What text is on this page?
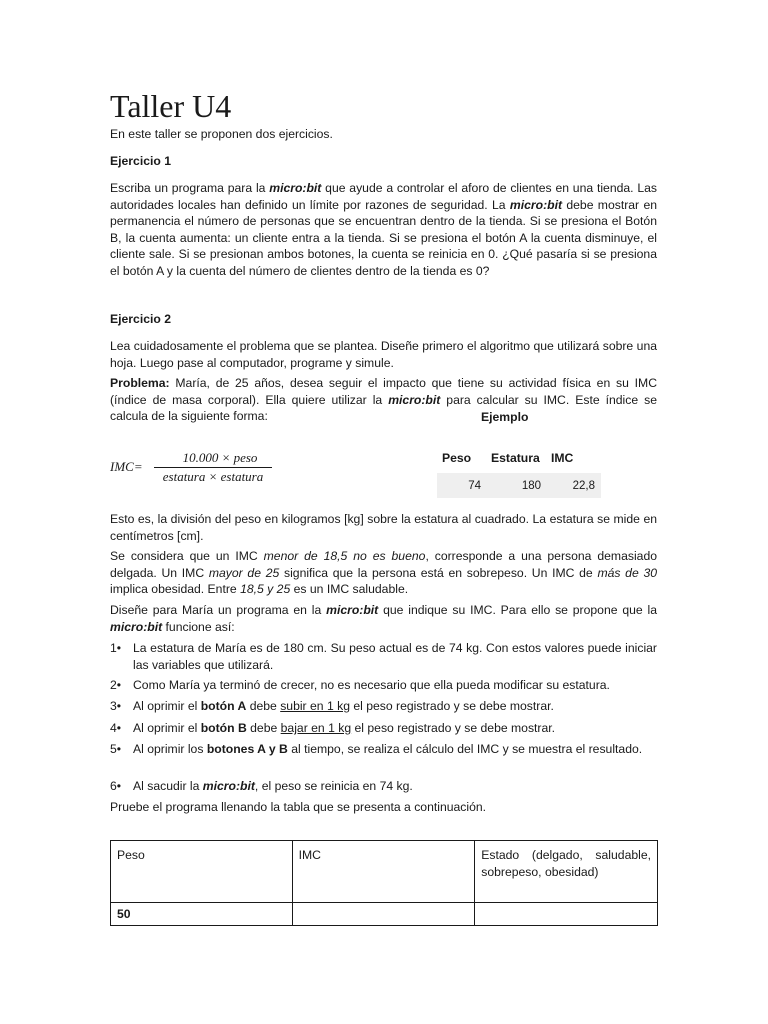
Taller U4

En este taller se proponen dos ejercicios.

Ejercicio 1

Escriba un programa para la micro:bit que ayude a controlar el aforo de clientes en una tienda. Las autoridades locales han definido un límite por razones de seguridad. La micro:bit debe mostrar en permanencia el número de personas que se encuentran dentro de la tienda. Si se presiona el Botón B, la cuenta aumenta: un cliente entra a la tienda. Si se presiona el botón A la cuenta disminuye, el cliente sale. Si se presionan ambos botones, la cuenta se reinicia en 0. ¿Qué pasaría si se presiona el botón A y la cuenta del número de clientes dentro de la tienda es 0?

Ejercicio 2

Lea cuidadosamente el problema que se plantea. Diseñe primero el algoritmo que utilizará sobre una hoja. Luego pase al computador, programe y simule.

Problema: María, de 25 años, desea seguir el impacto que tiene su actividad física en su IMC (índice de masa corporal). Ella quiere utilizar la micro:bit para calcular su IMC. Este índice se calcula de la siguiente forma:	Ejemplo

IMC=
10.000 × peso
estatura × estatura
Peso Estatura IMC
74	180	22,8

Esto es, la división del peso en kilogramos [kg] sobre la estatura al cuadrado. La estatura se mide en centímetros [cm].

Se considera que un IMC menor de 18,5 no es bueno, corresponde a una persona demasiado delgada. Un IMC mayor de 25 significa que la persona está en sobrepeso. Un IMC de más de 30 implica obesidad. Entre 18,5 y 25 es un IMC saludable.

Diseñe para María un programa en la micro:bit que indique su IMC. Para ello se propone que la micro:bit funcione así:

1• La estatura de María es de 180 cm. Su peso actual es de 74 kg. Con estos valores puede iniciar las variables que utilizará.
2• Como María ya terminó de crecer, no es necesario que ella pueda modificar su estatura.
3• Al oprimir el botón A debe subir en 1 kg el peso registrado y se debe mostrar.
4• Al oprimir el botón B debe bajar en 1 kg el peso registrado y se debe mostrar.
5• Al oprimir los botones A y B al tiempo, se realiza el cálculo del IMC y se muestra el resultado.
6• Al sacudir la micro:bit, el peso se reinicia en 74 kg.

Pruebe el programa llenando la tabla que se presenta a continuación.

Peso	IMC	Estado (delgado, saludable, sobrepeso, obesidad)
50		
